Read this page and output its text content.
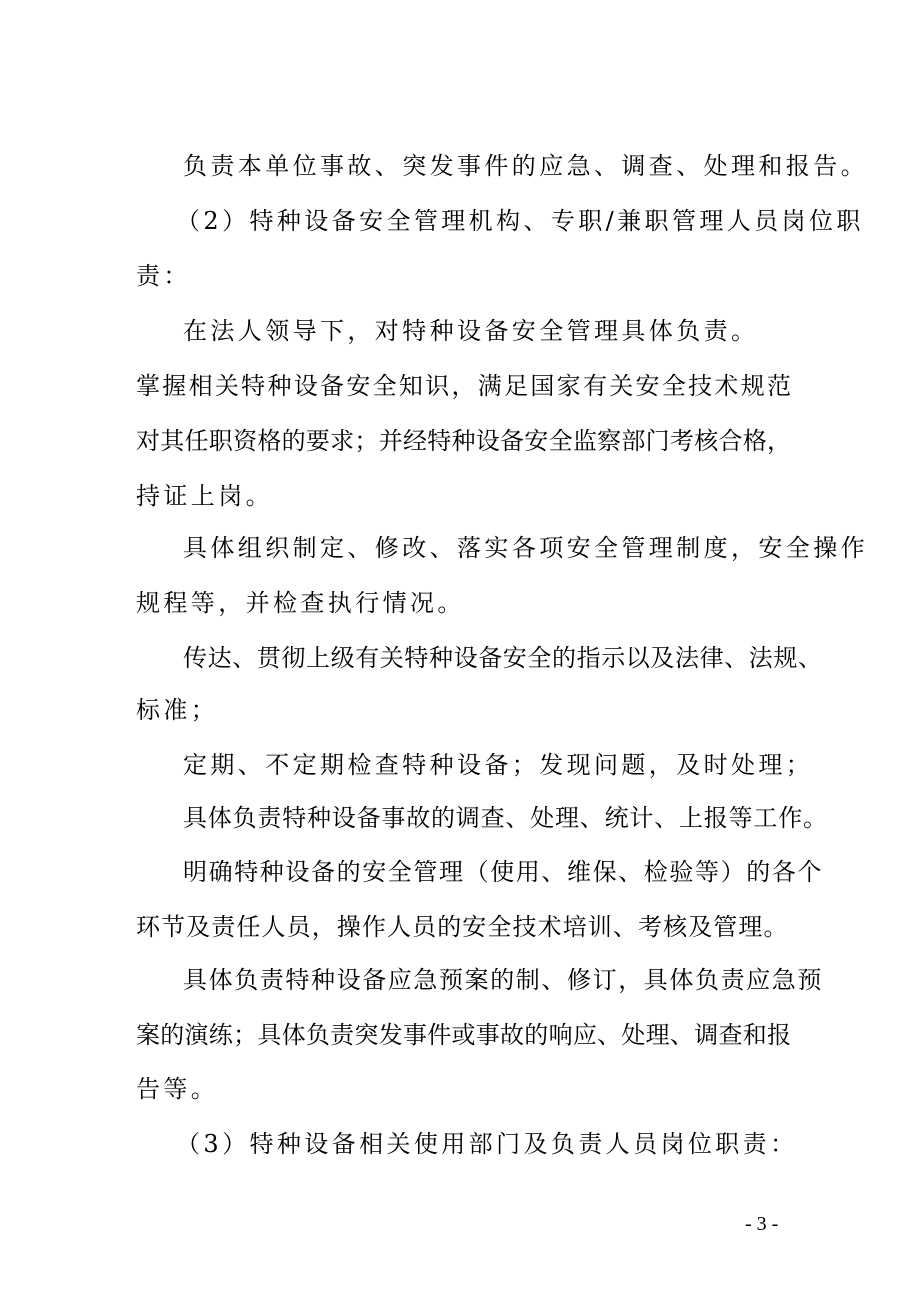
负责本单位事故、突发事件的应急、调查、处理和报告。
（2）特种设备安全管理机构、专职/兼职管理人员岗位职
责：
在法人领导下，对特种设备安全管理具体负责。
掌握相关特种设备安全知识，满足国家有关安全技术规范
对其任职资格的要求；并经特种设备安全监察部门考核合格，
持证上岗。
具体组织制定、修改、落实各项安全管理制度，安全操作
规程等，并检查执行情况。
传达、贯彻上级有关特种设备安全的指示以及法律、法规、
标准；
定期、不定期检查特种设备；发现问题，及时处理；
具体负责特种设备事故的调查、处理、统计、上报等工作。
明确特种设备的安全管理（使用、维保、检验等）的各个
环节及责任人员，操作人员的安全技术培训、考核及管理。
具体负责特种设备应急预案的制、修订，具体负责应急预
案的演练；具体负责突发事件或事故的响应、处理、调查和报
告等。
（3）特种设备相关使用部门及负责人员岗位职责：
- 3 -
